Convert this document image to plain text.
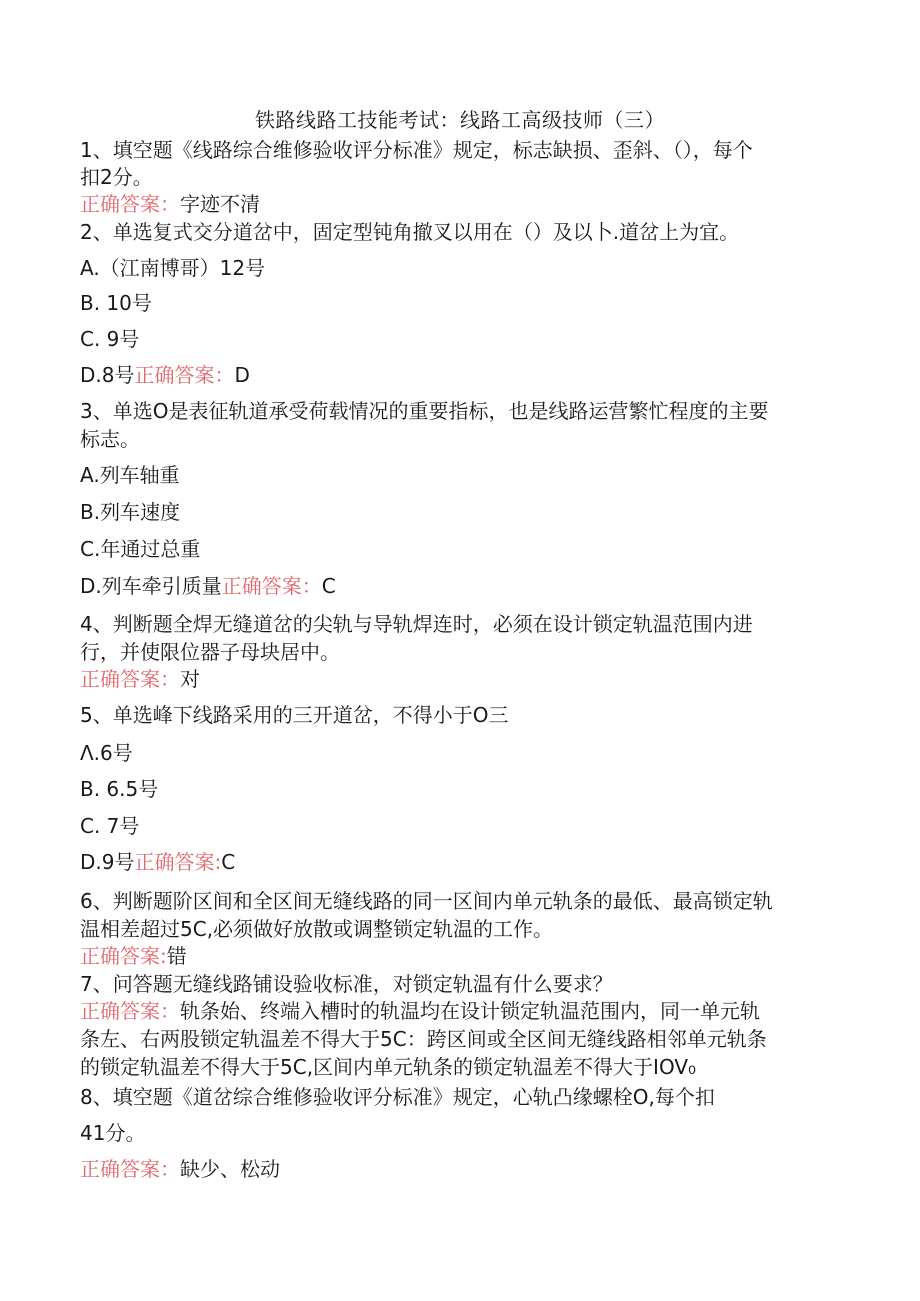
铁路线路工技能考试：线路工高级技师（三）
1、填空题《线路综合维修验收评分标准》规定，标志缺损、歪斜、（），每个
扣2分。
正确答案：字迹不清
2、单选复式交分道岔中，固定型钝角撤叉以用在（）及以卜.道岔上为宜。
A.（江南博哥）12号
B. 10号
C. 9号
D.8号正确答案：D
3、单选O是表征轨道承受荷载情况的重要指标，也是线路运营繁忙程度的主要
标志。
A.列车轴重
B.列车速度
C.年通过总重
D.列车牵引质量正确答案：C
4、判断题全焊无缝道岔的尖轨与导轨焊连时，必须在设计锁定轨温范围内进
行，并使限位器子母块居中。
正确答案：对
5、单选峰下线路采用的三开道岔，不得小于O三
Λ.6号
B. 6.5号
C. 7号
D.9号正确答案:C
6、判断题阶区间和全区间无缝线路的同一区间内单元轨条的最低、最高锁定轨
温相差超过5C,必须做好放散或调整锁定轨温的工作。
正确答案:错
7、问答题无缝线路铺设验收标准，对锁定轨温有什么要求？
正确答案：轨条始、终端入槽时的轨温均在设计锁定轨温范围内，同一单元轨
条左、右两股锁定轨温差不得大于5C：跨区间或全区间无缝线路相邻单元轨条
的锁定轨温差不得大于5C,区间内单元轨条的锁定轨温差不得大于IOV₀
8、填空题《道岔综合维修验收评分标准》规定，心轨凸缘螺栓O,每个扣
41分。
正确答案：缺少、松动
